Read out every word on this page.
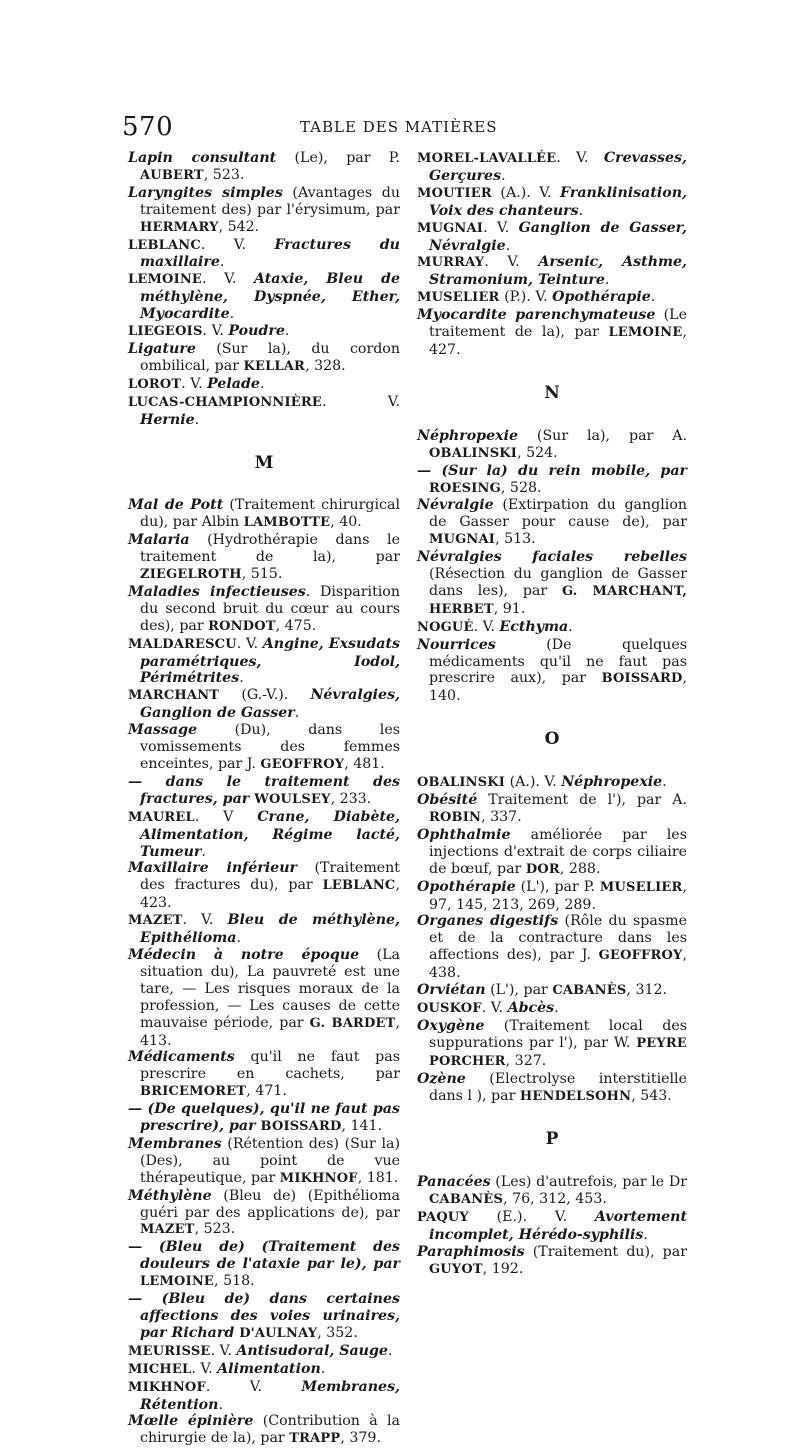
570	TABLE DES MATIÈRES

Lapin consultant (Le), par P. AUBERT, 523.

Laryngites simples (Avantages du traitement des) par l'érysimum, par HERMARY, 542.

LEBLANC. V. Fractures du maxillaire.

LEMOINE. V. Ataxie, Bleu de méthylène, Dyspnée, Ether, Myocardite.

LIEGEOIS. V. Poudre.

Ligature (Sur la), du cordon ombilical, par KELLAR, 328.

LOROT. V. Pelade.

LUCAS-CHAMPIONNIÈRE. V. Hernie.

M

Mal de Pott (Traitement chirurgical du), par Albin LAMBOTTE, 40.

Malaria (Hydrothérapie dans le traitement de la), par ZIEGELROTH, 515.

Maladies infectieuses. Disparition du second bruit du cœur au cours des), par RONDOT, 475.

MALDARESCU. V. Angine, Exsudats paramétriques, Iodol, Périmétrites.

MARCHANT (G.-V.). Névralgies, Ganglion de Gasser.

Massage (Du), dans les vomissements des femmes enceintes, par J. GEOFFROY, 481.

— dans le traitement des fractures, par WOULSEY, 233.

MAUREL. V Crane, Diabète, Alimentation, Régime lacté, Tumeur.

Maxillaire inférieur (Traitement des fractures du), par LEBLANC, 423.

MAZET. V. Bleu de méthylène, Epithélioma.

Médecin à notre époque (La situation du), La pauvreté est une tare, — Les risques moraux de la profession, — Les causes de cette mauvaise période, par G. BARDET, 413.

Médicaments qu'il ne faut pas prescrire en cachets, par BRICEMORET, 471.

— (De quelques), qu'il ne faut pas prescrire), par BOISSARD, 141.

Membranes (Rétention des) (Sur la) (Des), au point de vue thérapeutique, par MIKHNOF, 181.

Méthylène (Bleu de) (Epithélioma guéri par des applications de), par MAZET, 523.

— (Bleu de) (Traitement des douleurs de l'ataxie par le), par LEMOINE, 518.

— (Bleu de) dans certaines affections des voies urinaires, par Richard D'AULNAY, 352.

MEURISSE. V. Antisudoral, Sauge.

MICHEL. V. Alimentation.

MIKHNOF. V. Membranes, Rétention.

Mœlle épinière (Contribution à la chirurgie de la), par TRAPP, 379.

MOREL-LAVALLÉE. V. Crevasses, Gerçures.

MOUTIER (A.). V. Franklinisation, Voix des chanteurs.

MUGNAI. V. Ganglion de Gasser, Névralgie.

MURRAY. V. Arsenic, Asthme, Stramonium, Teinture.

MUSELIER (P.). V. Opothérapie.

Myocardite parenchymateuse (Le traitement de la), par LEMOINE, 427.

N

Néphropexie (Sur la), par A. OBALINSKI, 524.

— (Sur la) du rein mobile, par ROESING, 528.

Névralgie (Extirpation du ganglion de Gasser pour cause de), par MUGNAI, 513.

Névralgies faciales rebelles (Résection du ganglion de Gasser dans les), par G. MARCHANT, HERBET, 91.

NOGUÉ. V. Ecthyma.

Nourrices (De quelques médicaments qu'il ne faut pas prescrire aux), par BOISSARD, 140.

O

OBALINSKI (A.). V. Néphropexie.

Obésité Traitement de l'), par A. ROBIN, 337.

Ophthalmie améliorée par les injections d'extrait de corps ciliaire de bœuf, par DOR, 288.

Opothérapie (L'), par P. MUSELIER, 97, 145, 213, 269, 289.

Organes digestifs (Rôle du spasme et de la contracture dans les affections des), par J. GEOFFROY, 438.

Orviétan (L'), par CABANÈS, 312.

OUSKOF. V. Abcès.

Oxygène (Traitement local des suppurations par l'), par W. PEYRE PORCHER, 327.

Ozène (Electrolyse interstitielle dans l ), par HENDELSOHN, 543.

P

Panacées (Les) d'autrefois, par le Dr CABANÈS, 76, 312, 453.

PAQUY (E.). V. Avortement incomplet, Hérédo-syphilis.

Paraphimosis (Traitement du), par GUYOT, 192.
